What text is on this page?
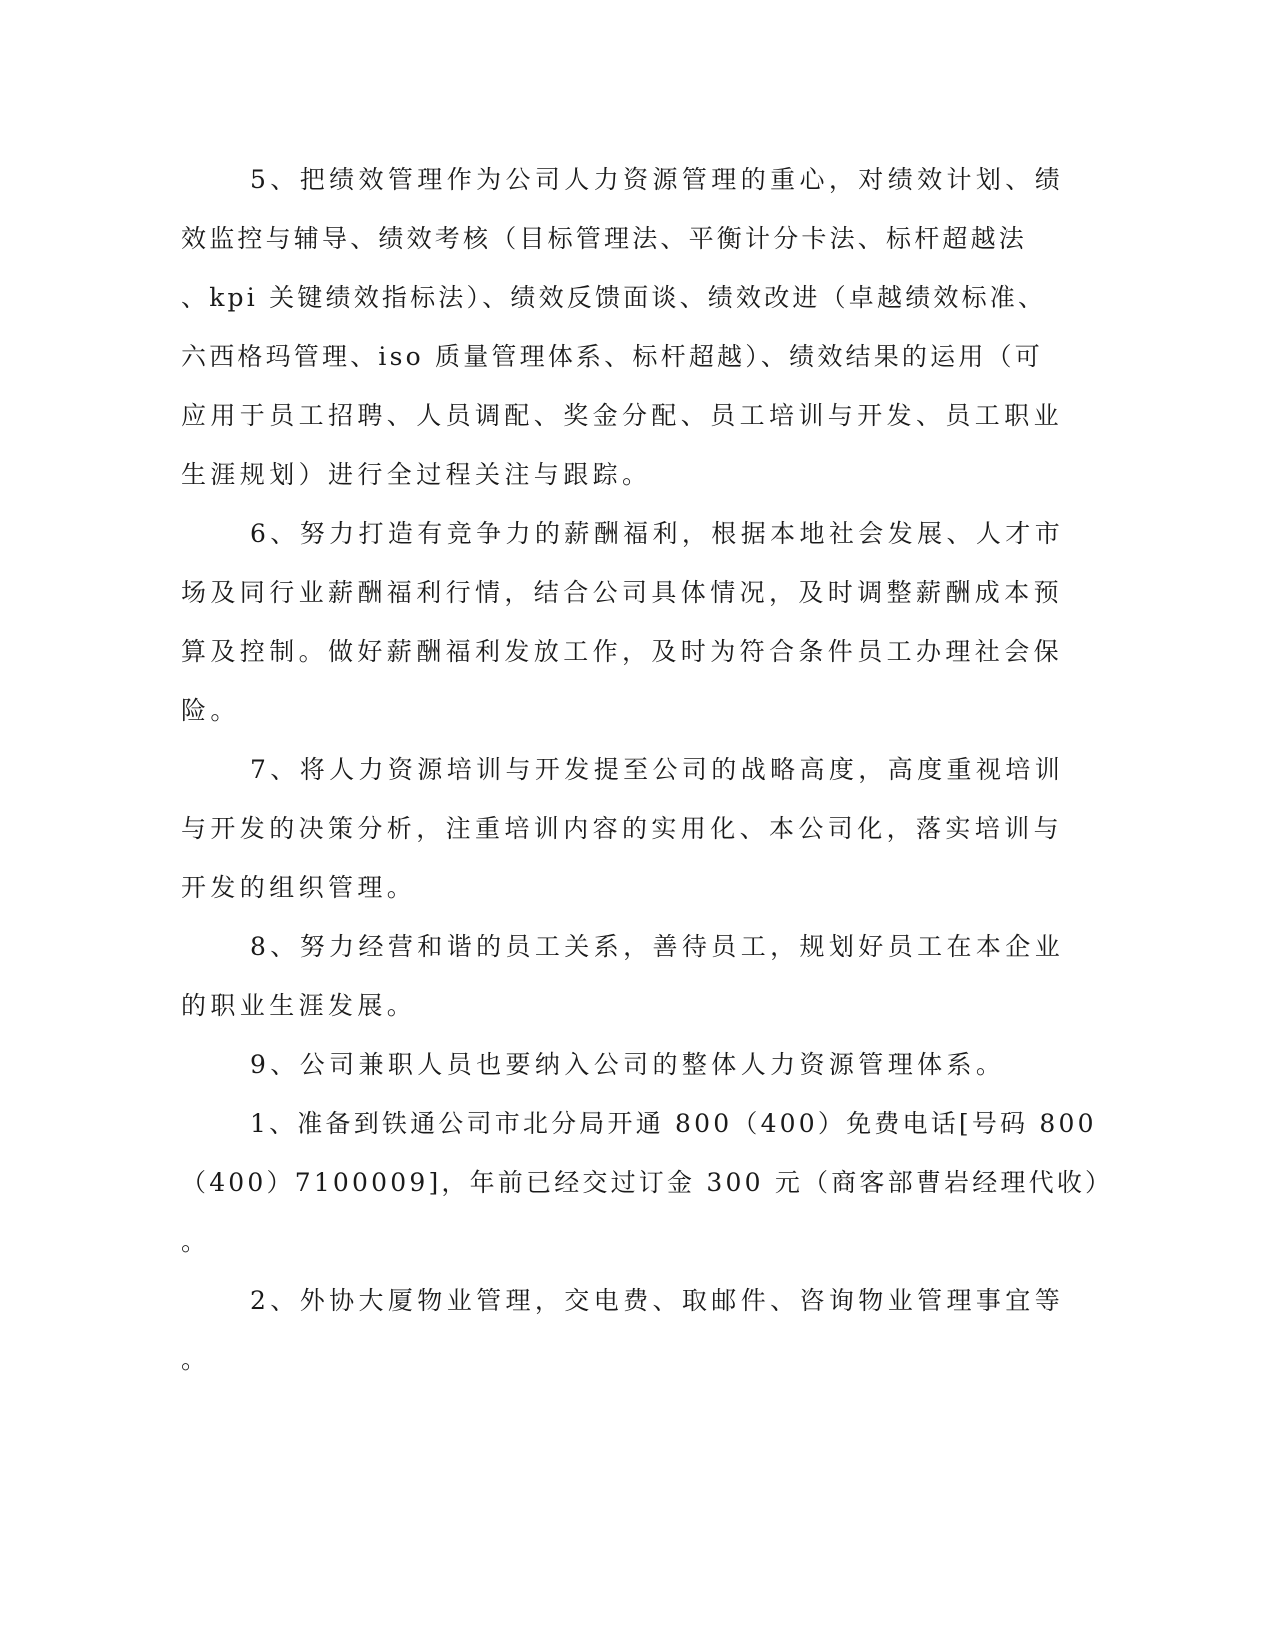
5、把绩效管理作为公司人力资源管理的重心，对绩效计划、绩
效监控与辅导、绩效考核（目标管理法、平衡计分卡法、标杆超越法
、kpi 关键绩效指标法）、绩效反馈面谈、绩效改进（卓越绩效标准、
六西格玛管理、iso 质量管理体系、标杆超越）、绩效结果的运用（可
应用于员工招聘、人员调配、奖金分配、员工培训与开发、员工职业
生涯规划）进行全过程关注与跟踪。
6、努力打造有竞争力的薪酬福利，根据本地社会发展、人才市
场及同行业薪酬福利行情，结合公司具体情况，及时调整薪酬成本预
算及控制。做好薪酬福利发放工作，及时为符合条件员工办理社会保
险。
7、将人力资源培训与开发提至公司的战略高度，高度重视培训
与开发的决策分析，注重培训内容的实用化、本公司化，落实培训与
开发的组织管理。
8、努力经营和谐的员工关系，善待员工，规划好员工在本企业
的职业生涯发展。
9、公司兼职人员也要纳入公司的整体人力资源管理体系。
1、准备到铁通公司市北分局开通 800（400）免费电话[号码 800
（400）7100009]，年前已经交过订金 300 元（商客部曹岩经理代收）
。
2、外协大厦物业管理，交电费、取邮件、咨询物业管理事宜等
。
